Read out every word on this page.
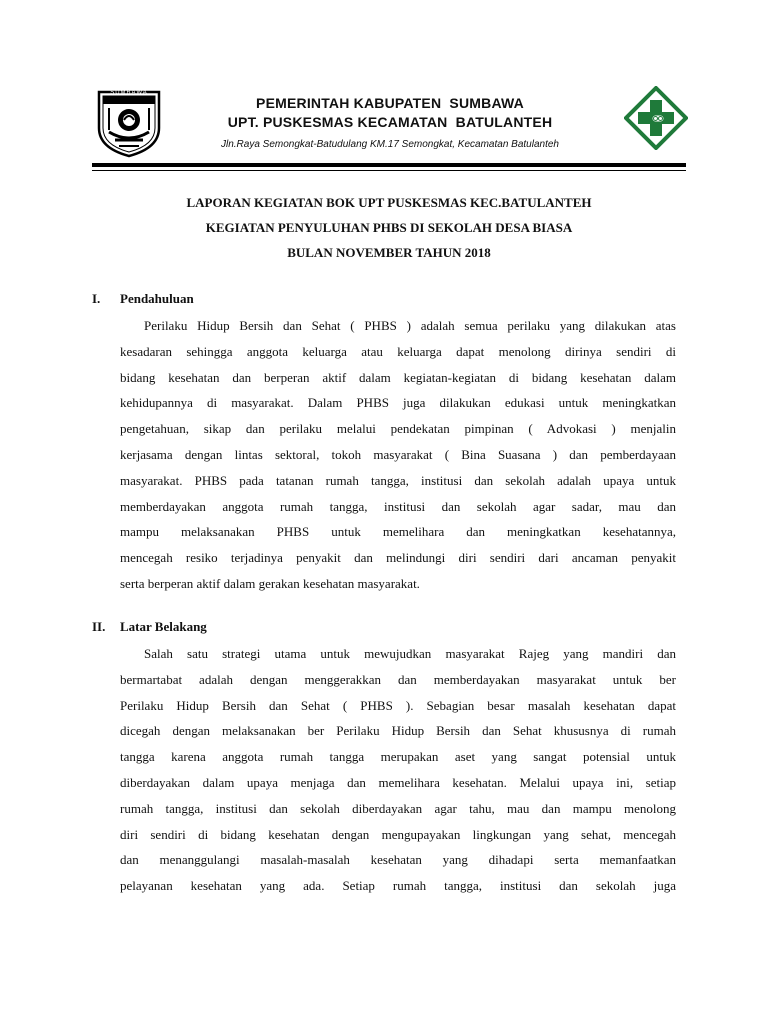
SUMBAWA
PEMERINTAH KABUPATEN  SUMBAWA
UPT. PUSKESMAS KECAMATAN  BATULANTEH
Jln.Raya Semongkat-Batudulang KM.17 Semongkat, Kecamatan Batulanteh
LAPORAN KEGIATAN BOK UPT PUSKESMAS KEC.BATULANTEH
KEGIATAN PENYULUHAN PHBS DI SEKOLAH DESA BIASA
BULAN NOVEMBER TAHUN 2018
I.	Pendahuluan
Perilaku Hidup Bersih dan Sehat ( PHBS ) adalah semua perilaku yang dilakukan atas
kesadaran sehingga anggota keluarga atau keluarga dapat menolong dirinya sendiri di
bidang kesehatan dan berperan aktif dalam kegiatan-kegiatan di bidang kesehatan dalam
kehidupannya di masyarakat. Dalam PHBS juga dilakukan edukasi untuk meningkatkan
pengetahuan, sikap dan perilaku melalui pendekatan pimpinan ( Advokasi ) menjalin
kerjasama dengan lintas sektoral, tokoh masyarakat ( Bina Suasana ) dan pemberdayaan
masyarakat. PHBS pada tatanan rumah tangga, institusi dan sekolah adalah upaya untuk
memberdayakan anggota rumah tangga, institusi dan sekolah agar sadar, mau dan
mampu melaksanakan PHBS untuk memelihara dan meningkatkan kesehatannya,
mencegah resiko terjadinya penyakit dan melindungi diri sendiri dari ancaman penyakit
serta berperan aktif dalam gerakan kesehatan masyarakat.
II.	Latar Belakang
Salah satu strategi utama untuk mewujudkan masyarakat Rajeg yang mandiri dan
bermartabat adalah dengan menggerakkan dan memberdayakan masyarakat untuk ber
Perilaku Hidup Bersih dan Sehat ( PHBS ). Sebagian besar masalah kesehatan dapat
dicegah dengan melaksanakan ber Perilaku Hidup Bersih dan Sehat khususnya di rumah
tangga karena anggota rumah tangga merupakan aset yang sangat potensial untuk
diberdayakan dalam upaya menjaga dan memelihara kesehatan. Melalui upaya ini, setiap
rumah tangga, institusi dan sekolah diberdayakan agar tahu, mau dan mampu menolong
diri sendiri di bidang kesehatan dengan mengupayakan lingkungan yang sehat, mencegah
dan menanggulangi masalah-masalah kesehatan yang dihadapi serta memanfaatkan
pelayanan kesehatan yang ada. Setiap rumah tangga, institusi dan sekolah juga
